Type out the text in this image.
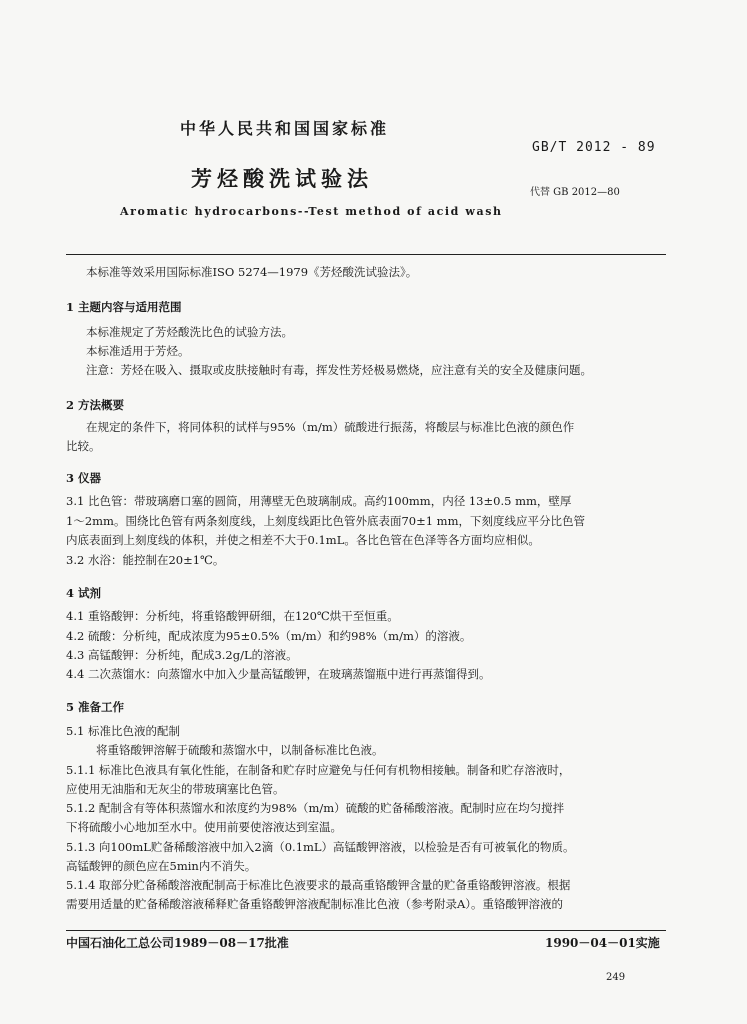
中华人民共和国国家标准
GB/T 2012 - 89
芳烃酸洗试验法
代替 GB 2012—80
Aromatic hydrocarbons--Test method of acid wash
本标准等效采用国际标准ISO 5274—1979《芳烃酸洗试验法》。
1 主题内容与适用范围
本标准规定了芳烃酸洗比色的试验方法。
本标准适用于芳烃。
注意：芳烃在吸入、摄取或皮肤接触时有毒，挥发性芳烃极易燃烧，应注意有关的安全及健康问题。
2 方法概要
在规定的条件下，将同体积的试样与95%（m/m）硫酸进行振荡，将酸层与标准比色液的颜色作
比较。
3 仪器
3.1 比色管：带玻璃磨口塞的圆筒，用薄壁无色玻璃制成。高约100mm，内径 13±0.5 mm，壁厚
1～2mm。围绕比色管有两条刻度线，上刻度线距比色管外底表面70±1 mm，下刻度线应平分比色管
内底表面到上刻度线的体积，并使之相差不大于0.1mL。各比色管在色泽等各方面均应相似。
3.2 水浴：能控制在20±1℃。
4 试剂
4.1 重铬酸钾：分析纯，将重铬酸钾研细，在120℃烘干至恒重。
4.2 硫酸：分析纯，配成浓度为95±0.5%（m/m）和约98%（m/m）的溶液。
4.3 高锰酸钾：分析纯，配成3.2g/L的溶液。
4.4 二次蒸馏水：向蒸馏水中加入少量高锰酸钾，在玻璃蒸馏瓶中进行再蒸馏得到。
5 准备工作
5.1 标准比色液的配制
将重铬酸钾溶解于硫酸和蒸馏水中，以制备标准比色液。
5.1.1 标准比色液具有氧化性能，在制备和贮存时应避免与任何有机物相接触。制备和贮存溶液时，
应使用无油脂和无灰尘的带玻璃塞比色管。
5.1.2 配制含有等体积蒸馏水和浓度约为98%（m/m）硫酸的贮备稀酸溶液。配制时应在均匀搅拌
下将硫酸小心地加至水中。使用前要使溶液达到室温。
5.1.3 向100mL贮备稀酸溶液中加入2滴（0.1mL）高锰酸钾溶液，以检验是否有可被氧化的物质。
高锰酸钾的颜色应在5min内不消失。
5.1.4 取部分贮备稀酸溶液配制高于标准比色液要求的最高重铬酸钾含量的贮备重铬酸钾溶液。根据
需要用适量的贮备稀酸溶液稀释贮备重铬酸钾溶液配制标准比色液（参考附录A）。重铬酸钾溶液的
中国石油化工总公司1989－08－17批准	1990－04－01实施
249
